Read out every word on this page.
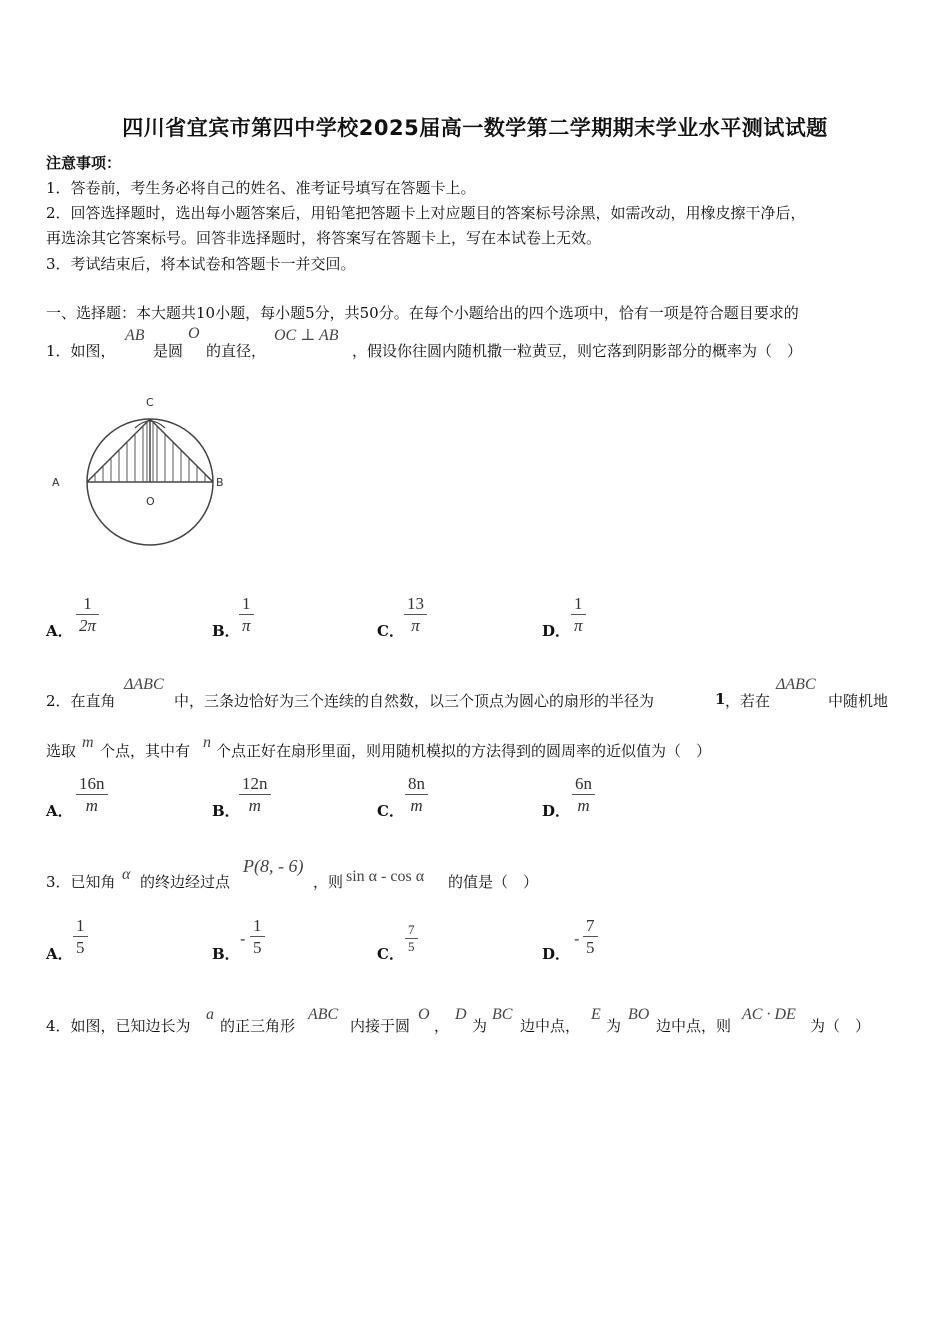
四川省宜宾市第四中学校2025届高一数学第二学期期末学业水平测试试题
注意事项：
1．答卷前，考生务必将自己的姓名、准考证号填写在答题卡上。
2．回答选择题时，选出每小题答案后，用铅笔把答题卡上对应题目的答案标号涂黑，如需改动，用橡皮擦干净后，
再选涂其它答案标号。回答非选择题时，将答案写在答题卡上，写在本试卷上无效。
3．考试结束后，将本试卷和答题卡一并交回。
一、选择题：本大题共10小题，每小题5分，共50分。在每个小题给出的四个选项中，恰有一项是符合题目要求的
1．如图，
AB
是圆
O
的直径，
OC ⊥ AB
，假设你往圆内随机撒一粒黄豆，则它落到阴影部分的概率为（　）
C
A	B
O
A． $\frac{1}{2\pi}$	B． $\frac{1}{\pi}$	C． $\frac{13}{\pi}$	D． $\frac{1}{\pi}$
2．在直角
ΔABC
中，三条边恰好为三个连续的自然数，以三个顶点为圆心的扇形的半径为	1 ，若在
ΔABC
中随机地
选取 m 个点，其中有 n 个点正好在扇形里面，则用随机模拟的方法得到的圆周率的近似值为（　）
A． $\frac{16n}{m}$	B． $\frac{12n}{m}$	C． $\frac{8n}{m}$	D． $\frac{6n}{m}$
3．已知角 α 的终边经过点
P(8, - 6)
，则 sin α - cos α 的值是（　）
A． $\frac{1}{5}$	B．
- $\frac{1}{5}$	C． $\frac{7}{5}$	D．
- $\frac{7}{5}$
4．如图，已知边长为
a
的正三角形
ABC
内接于圆
O
，
D
为
BC
边中点，
E
为
BO
边中点，则
AC · DE
为（　）
